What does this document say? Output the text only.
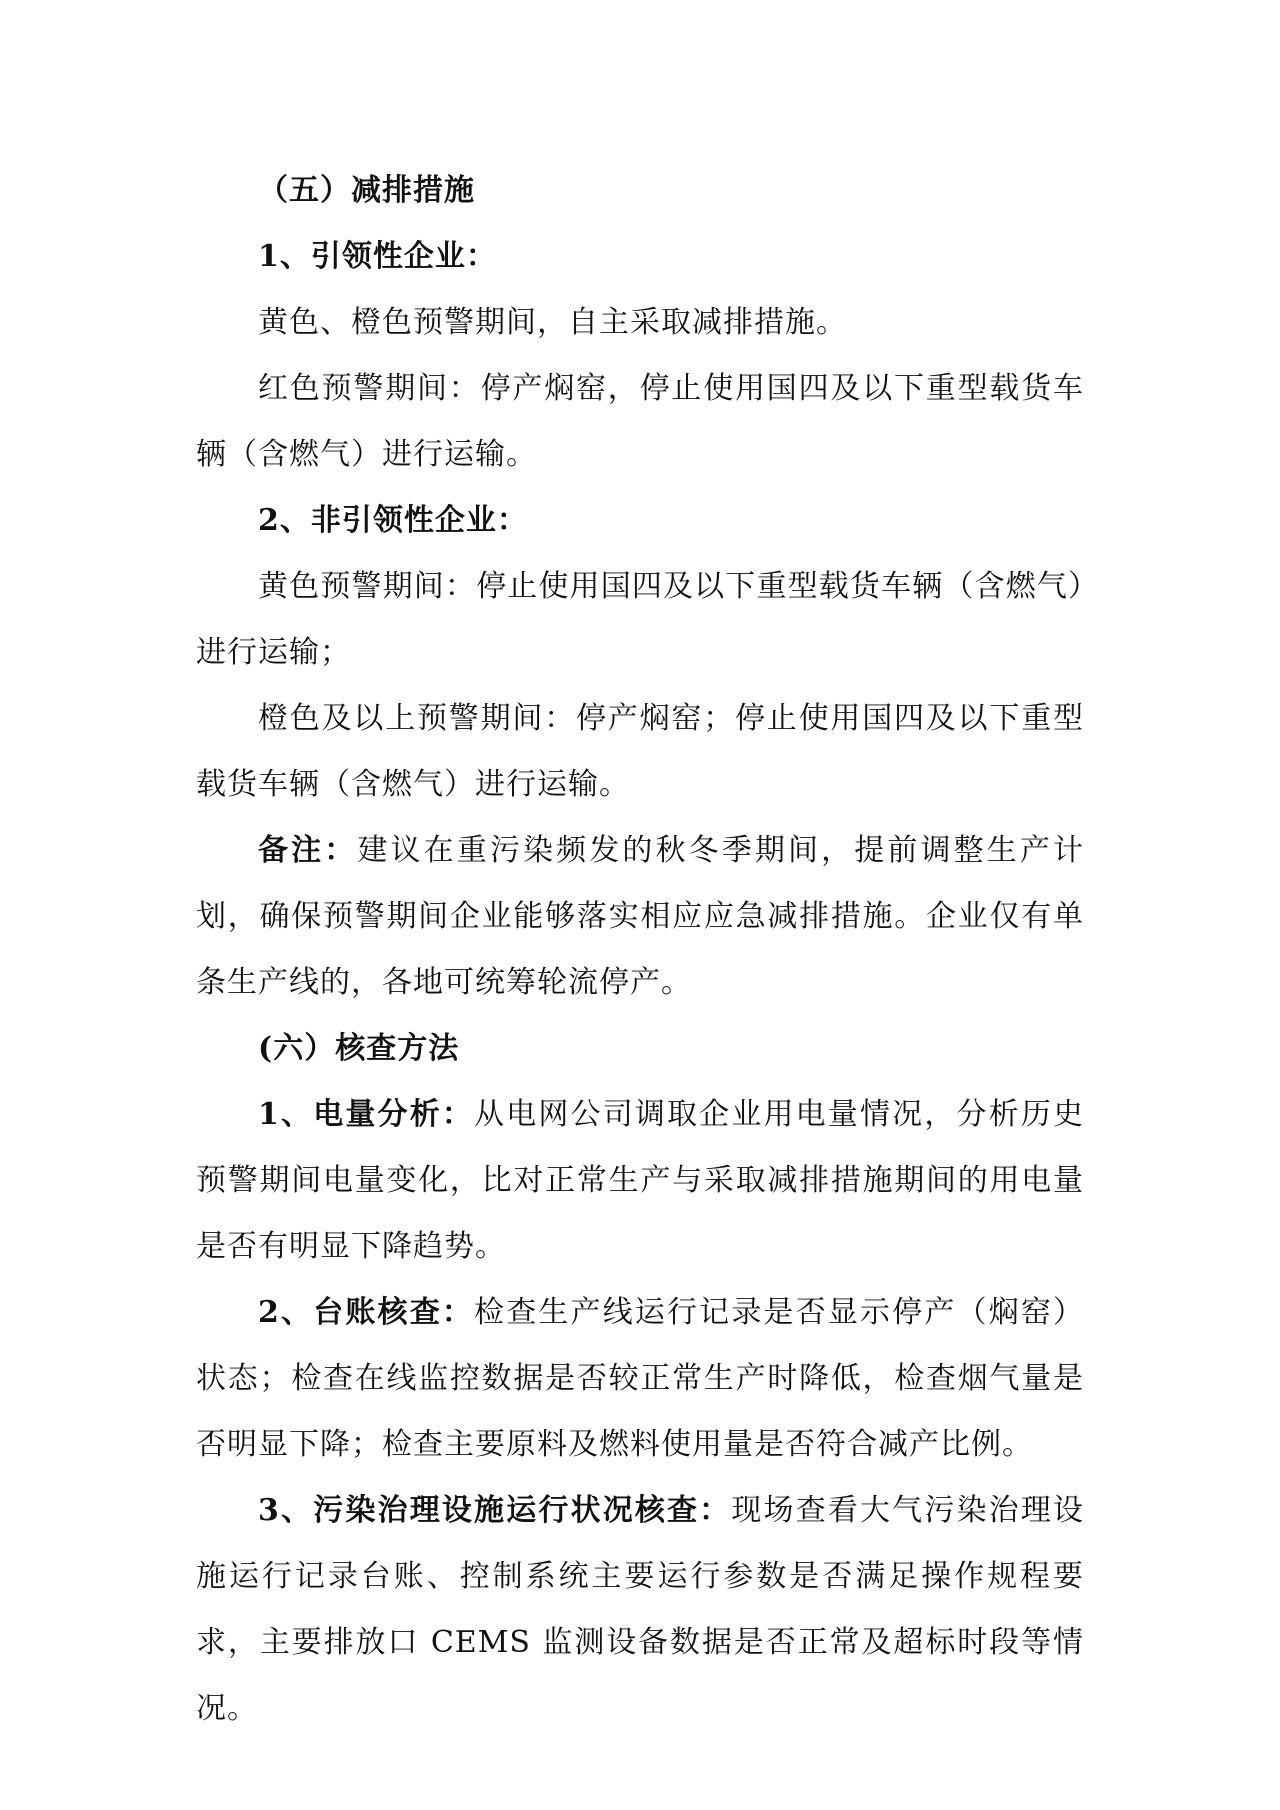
（五）减排措施

1、引领性企业：

黄色、橙色预警期间，自主采取减排措施。

红色预警期间：停产焖窑，停止使用国四及以下重型载货车辆（含燃气）进行运输。

2、非引领性企业：

黄色预警期间：停止使用国四及以下重型载货车辆（含燃气）进行运输；

橙色及以上预警期间：停产焖窑；停止使用国四及以下重型载货车辆（含燃气）进行运输。

备注：建议在重污染频发的秋冬季期间，提前调整生产计划，确保预警期间企业能够落实相应应急减排措施。企业仅有单条生产线的，各地可统筹轮流停产。

(六）核查方法

1、电量分析：从电网公司调取企业用电量情况，分析历史预警期间电量变化，比对正常生产与采取减排措施期间的用电量是否有明显下降趋势。

2、台账核查：检查生产线运行记录是否显示停产（焖窑）状态；检查在线监控数据是否较正常生产时降低，检查烟气量是否明显下降；检查主要原料及燃料使用量是否符合减产比例。

3、污染治理设施运行状况核查：现场查看大气污染治理设施运行记录台账、控制系统主要运行参数是否满足操作规程要求，主要排放口 CEMS 监测设备数据是否正常及超标时段等情况。
